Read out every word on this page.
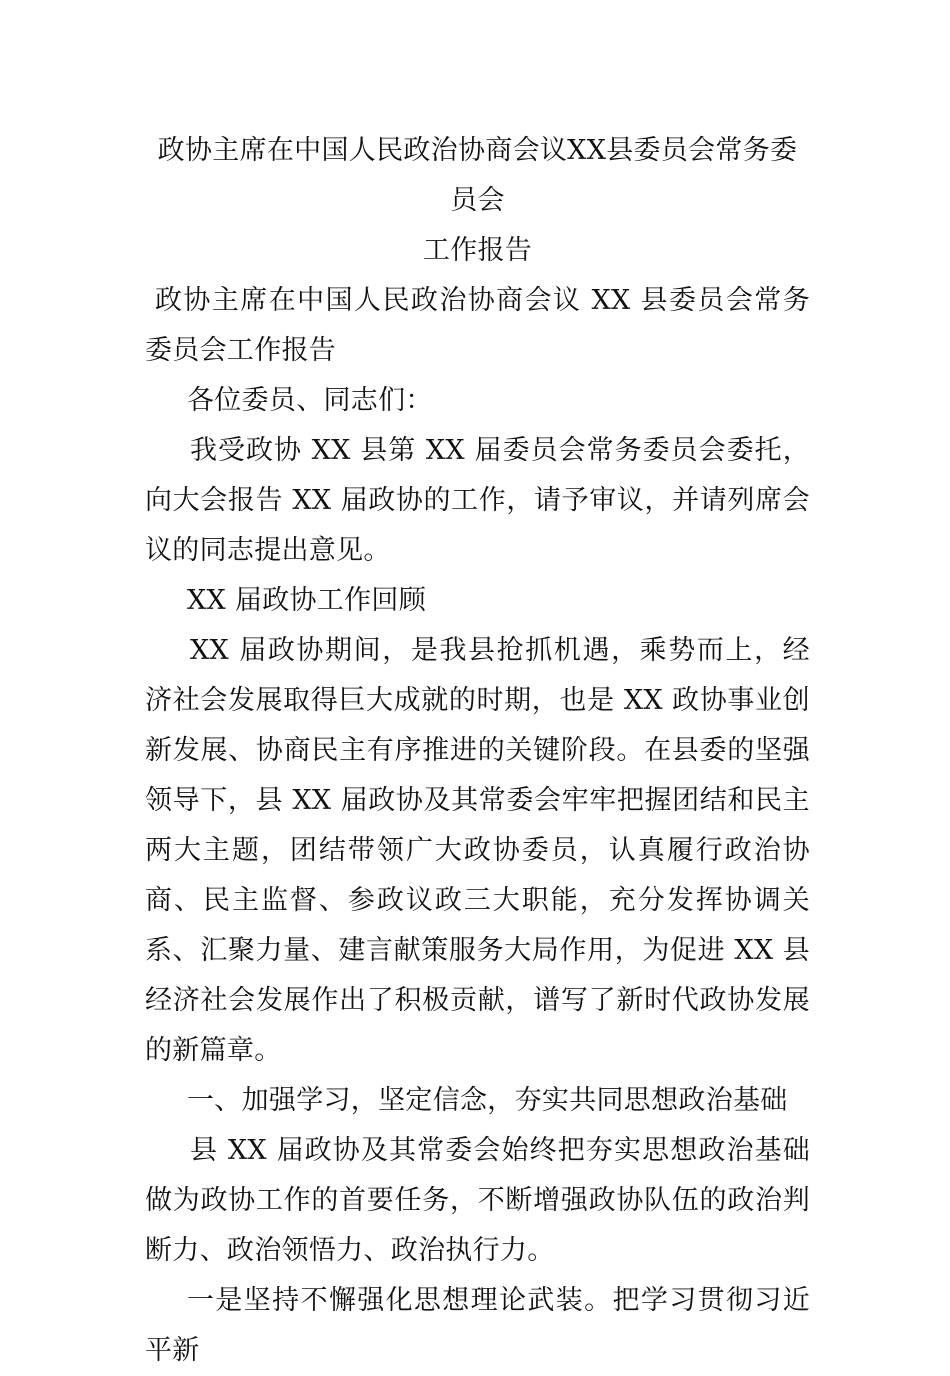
政协主席在中国人民政治协商会议XX县委员会常务委员会
工作报告

政协主席在中国人民政治协商会议 XX 县委员会常务委员会工作报告

各位委员、同志们：

我受政协 XX 县第 XX 届委员会常务委员会委托，向大会报告 XX 届政协的工作，请予审议，并请列席会议的同志提出意见。

XX 届政协工作回顾

XX 届政协期间，是我县抢抓机遇，乘势而上，经济社会发展取得巨大成就的时期，也是 XX 政协事业创新发展、协商民主有序推进的关键阶段。在县委的坚强领导下，县 XX 届政协及其常委会牢牢把握团结和民主两大主题，团结带领广大政协委员，认真履行政治协商、民主监督、参政议政三大职能，充分发挥协调关系、汇聚力量、建言献策服务大局作用，为促进 XX 县经济社会发展作出了积极贡献，谱写了新时代政协发展的新篇章。

一、加强学习，坚定信念，夯实共同思想政治基础

县 XX 届政协及其常委会始终把夯实思想政治基础做为政协工作的首要任务，不断增强政协队伍的政治判断力、政治领悟力、政治执行力。

一是坚持不懈强化思想理论武装。把学习贯彻习近平新
